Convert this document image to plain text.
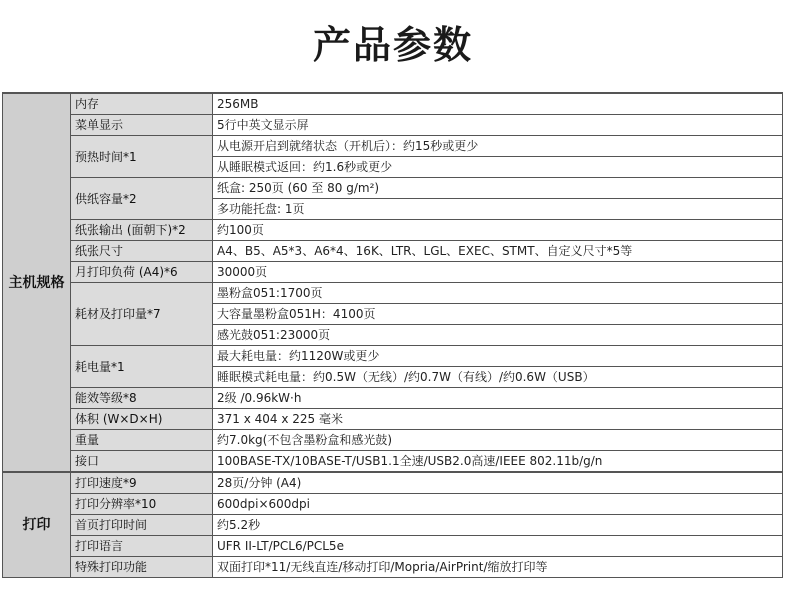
产品参数
主机规格	内存	256MB
	菜单显示	5行中英文显示屏
	预热时间*1	从电源开启到就绪状态（开机后）：约15秒或更少
		从睡眠模式返回：约1.6秒或更少
	供纸容量*2	纸盒: 250页 (60 至 80 g/m²)
		多功能托盘: 1页
	纸张输出 (面朝下)*2	约100页
	纸张尺寸	A4、B5、A5*3、A6*4、16K、LTR、LGL、EXEC、STMT、自定义尺寸*5等
	月打印负荷 (A4)*6	30000页
	耗材及打印量*7	墨粉盒051:1700页
		大容量墨粉盒051H：4100页
		感光鼓051:23000页
	耗电量*1	最大耗电量：约1120W或更少
		睡眠模式耗电量：约0.5W（无线）/约0.7W（有线）/约0.6W（USB）
	能效等级*8	2级 /0.96kW·h
	体积 (W×D×H)	371 x 404 x 225 毫米
	重量	约7.0kg(不包含墨粉盒和感光鼓)
	接口	100BASE-TX/10BASE-T/USB1.1全速/USB2.0高速/IEEE 802.11b/g/n
打印	打印速度*9	28页/分钟 (A4)
	打印分辨率*10	600dpi×600dpi
	首页打印时间	约5.2秒
	打印语言	UFR II-LT/PCL6/PCL5e
	特殊打印功能	双面打印*11/无线直连/移动打印/Mopria/AirPrint/缩放打印等
